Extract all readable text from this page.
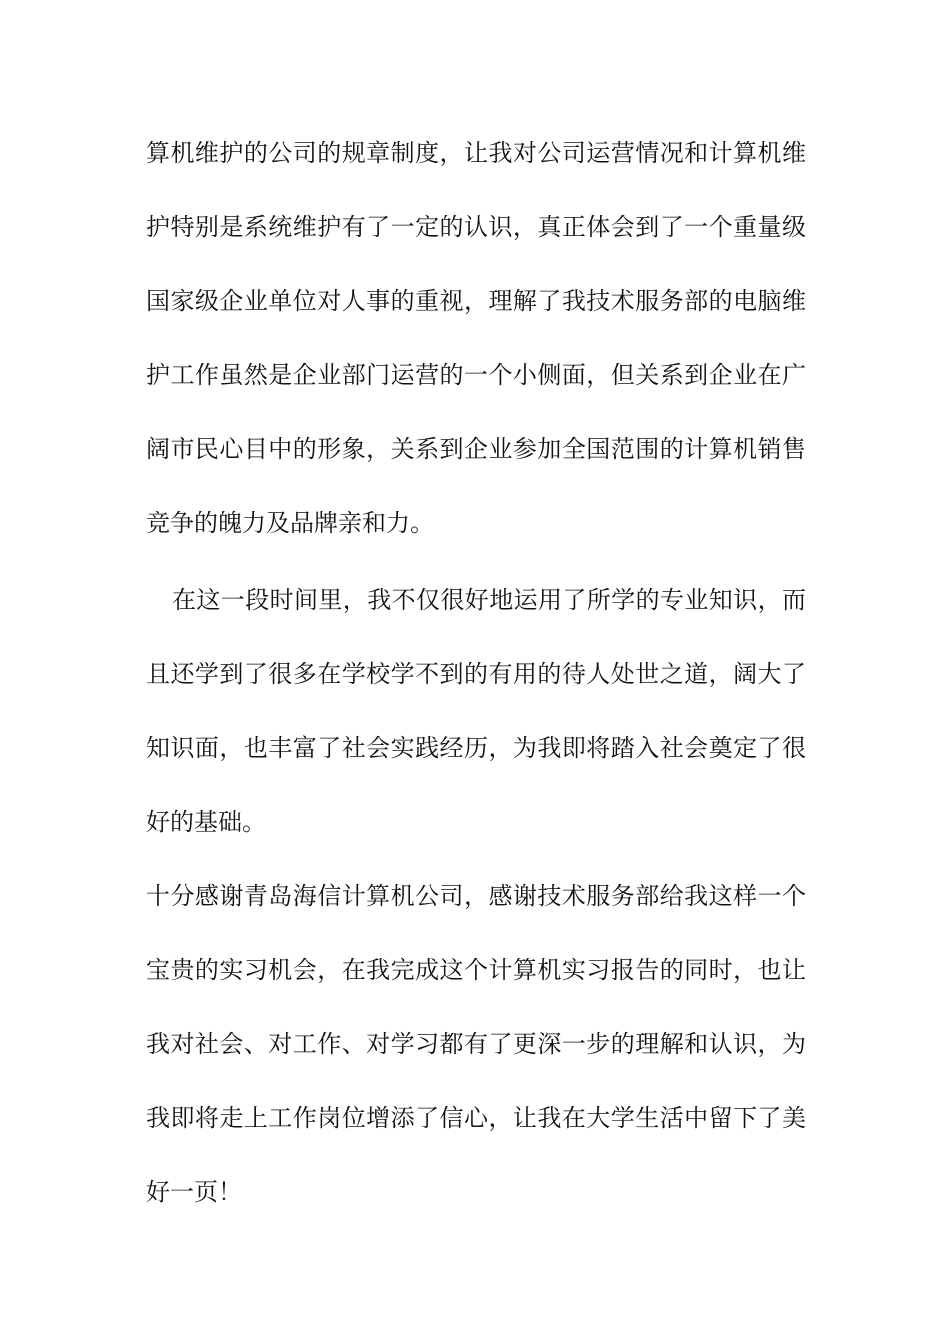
算机维护的公司的规章制度，让我对公司运营情况和计算机维
护特别是系统维护有了一定的认识，真正体会到了一个重量级
国家级企业单位对人事的重视，理解了我技术服务部的电脑维
护工作虽然是企业部门运营的一个小侧面，但关系到企业在广
阔市民心目中的形象，关系到企业参加全国范围的计算机销售
竞争的魄力及品牌亲和力。
在这一段时间里，我不仅很好地运用了所学的专业知识，而
且还学到了很多在学校学不到的有用的待人处世之道，阔大了
知识面，也丰富了社会实践经历，为我即将踏入社会奠定了很
好的基础。
十分感谢青岛海信计算机公司，感谢技术服务部给我这样一个
宝贵的实习机会，在我完成这个计算机实习报告的同时，也让
我对社会、对工作、对学习都有了更深一步的理解和认识，为
我即将走上工作岗位增添了信心，让我在大学生活中留下了美
好一页！
